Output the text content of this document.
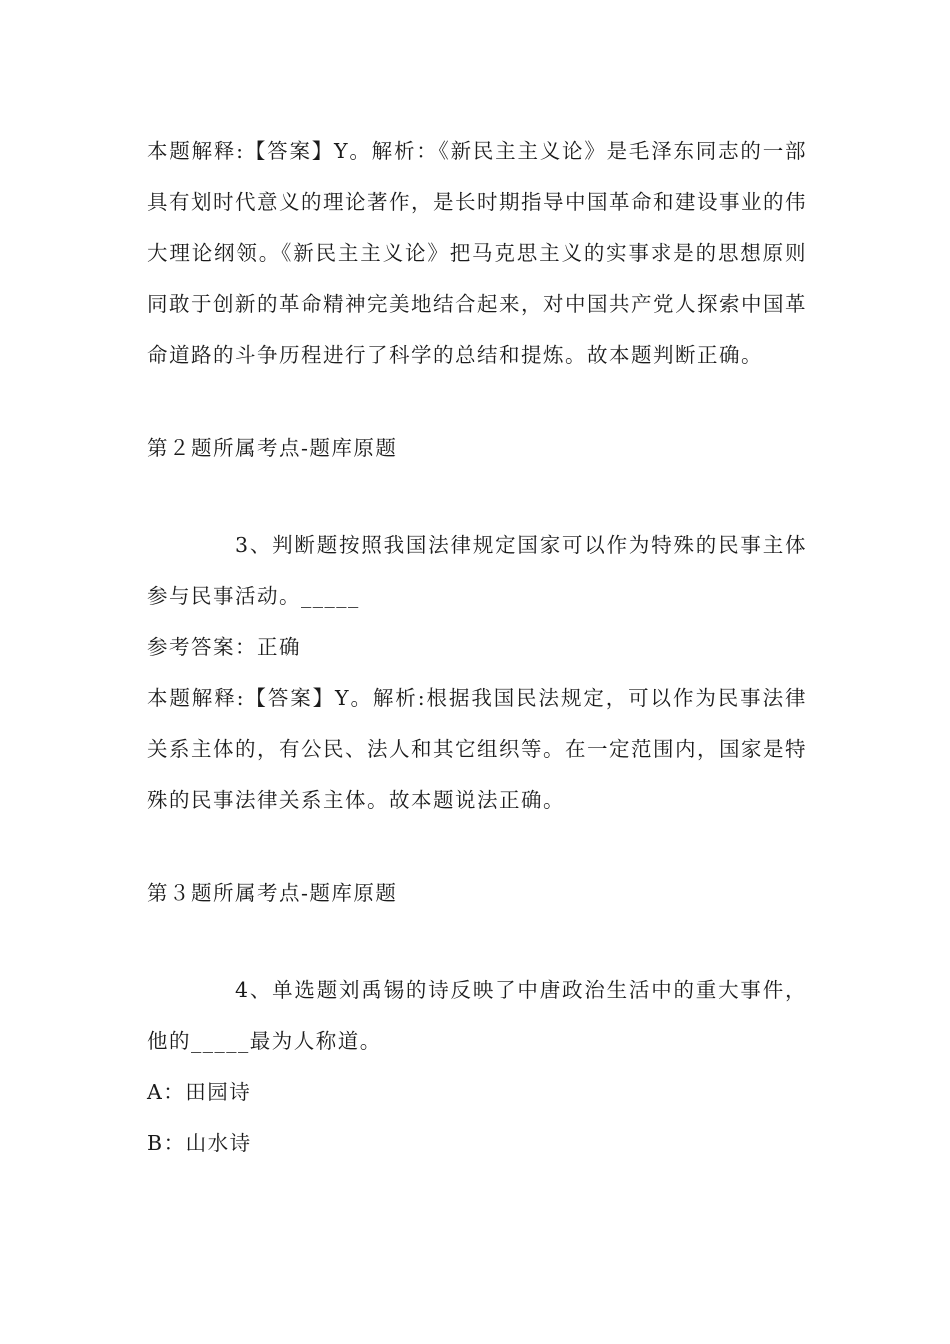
本题解释:【答案】Y。解析：《新民主主义论》是毛泽东同志的一部具有划时代意义的理论著作，是长时期指导中国革命和建设事业的伟大理论纲领。《新民主主义论》把马克思主义的实事求是的思想原则同敢于创新的革命精神完美地结合起来，对中国共产党人探索中国革命道路的斗争历程进行了科学的总结和提炼。故本题判断正确。

第２题所属考点-题库原题

3、判断题按照我国法律规定国家可以作为特殊的民事主体参与民事活动。_____

参考答案：正确

本题解释:【答案】Y。解析:根据我国民法规定，可以作为民事法律关系主体的，有公民、法人和其它组织等。在一定范围内，国家是特殊的民事法律关系主体。故本题说法正确。

第３题所属考点-题库原题

4、单选题刘禹锡的诗反映了中唐政治生活中的重大事件，他的_____最为人称道。

A：田园诗

B：山水诗
